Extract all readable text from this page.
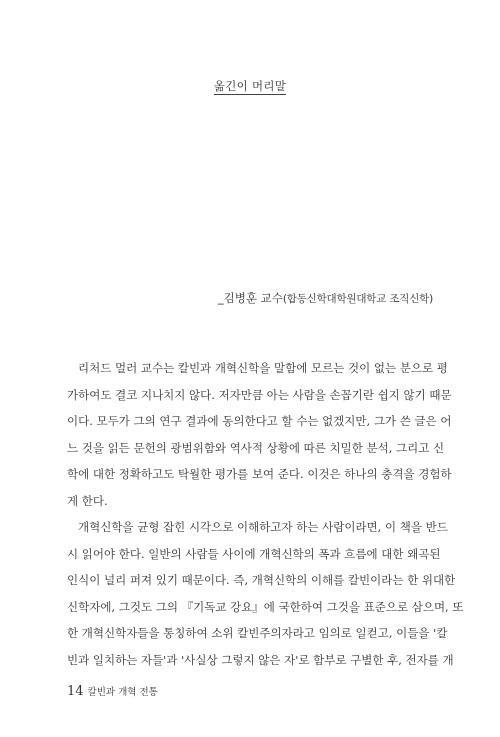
옮긴이 머리말
_김병훈 교수(합동신학대학원대학교 조직신학)
리처드 멀러 교수는 칼빈과 개혁신학을 말함에 모르는 것이 없는 분으로 평
가하여도 결코 지나치지 않다. 저자만큼 아는 사람을 손꼽기란 쉽지 않기 때문
이다. 모두가 그의 연구 결과에 동의한다고 할 수는 없겠지만, 그가 쓴 글은 어
느 것을 읽든 문헌의 광범위함와 역사적 상황에 따른 치밀한 분석, 그리고 신
학에 대한 정확하고도 탁월한 평가를 보여 준다. 이것은 하나의 충격을 경험하
게 한다.
개혁신학을 균형 잡힌 시각으로 이해하고자 하는 사람이라면, 이 책을 반드
시 읽어야 한다. 일반의 사람들 사이에 개혁신학의 폭과 흐름에 대한 왜곡된
인식이 널리 퍼져 있기 때문이다. 즉, 개혁신학의 이해를 칼빈이라는 한 위대한
신학자에, 그것도 그의 『기독교 강요』에 국한하여 그것을 표준으로 삼으며, 또
한 개혁신학자들을 통칭하여 소위 칼빈주의자라고 임의로 일컫고, 이들을 '칼
빈과 일치하는 자들'과 '사실상 그렇지 않은 자'로 함부로 구별한 후, 전자를 개
14 칼빈과 개혁 전통
